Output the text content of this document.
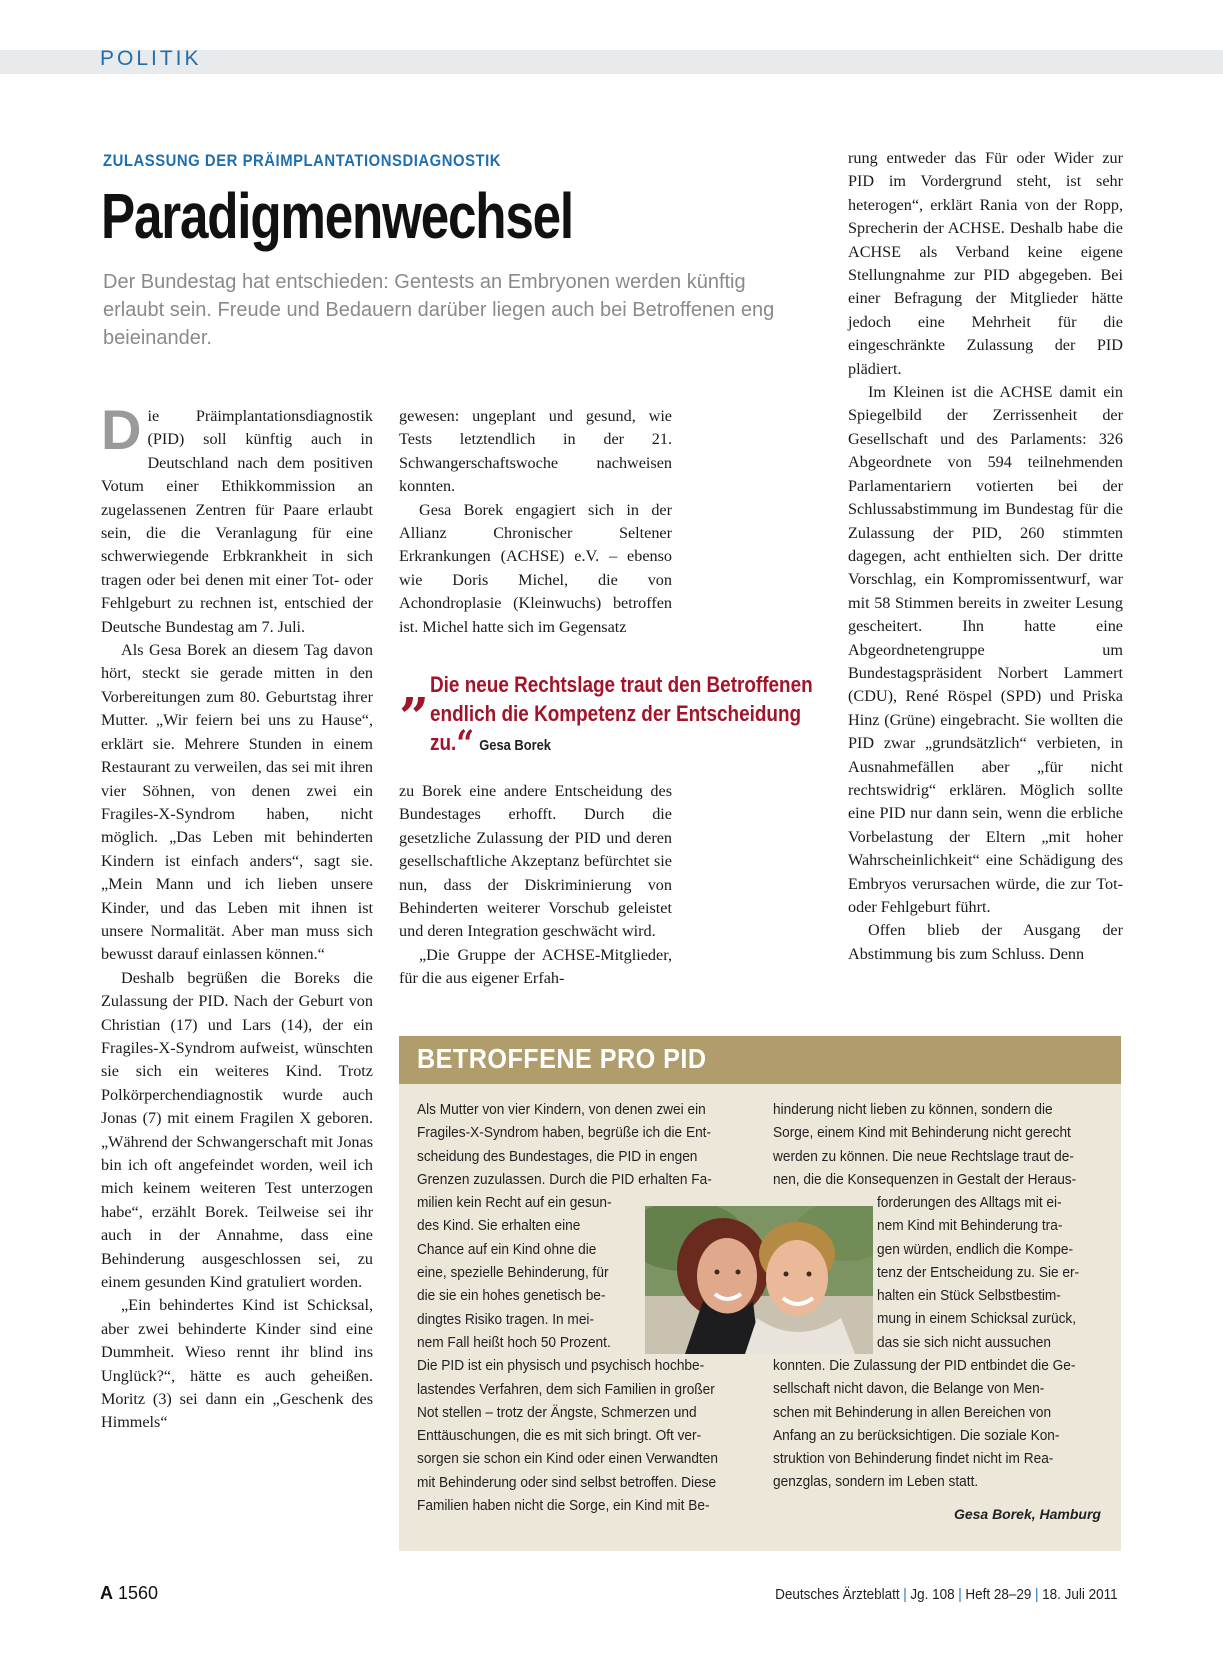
POLITIK
ZULASSUNG DER PRÄIMPLANTATIONSDIAGNOSTIK
Paradigmenwechsel
Der Bundestag hat entschieden: Gentests an Embryonen werden künftig erlaubt sein. Freude und Bedauern darüber liegen auch bei Betroffenen eng beieinander.

Die Präimplantationsdiagnostik (PID) soll künftig auch in Deutschland nach dem positiven Votum einer Ethikkommission an zugelassenen Zentren für Paare erlaubt sein, die die Veranlagung für eine schwerwiegende Erbkrankheit in sich tragen oder bei denen mit einer Tot- oder Fehlgeburt zu rechnen ist, entschied der Deutsche Bundestag am 7. Juli.

Als Gesa Borek an diesem Tag davon hört, steckt sie gerade mitten in den Vorbereitungen zum 80. Geburtstag ihrer Mutter. „Wir feiern bei uns zu Hause“, erklärt sie. Mehrere Stunden in einem Restaurant zu verweilen, das sei mit ihren vier Söhnen, von denen zwei ein Fragiles-X-Syndrom haben, nicht möglich. „Das Leben mit behinderten Kindern ist einfach anders“, sagt sie. „Mein Mann und ich lieben unsere Kinder, und das Leben mit ihnen ist unsere Normalität. Aber man muss sich bewusst darauf einlassen können.“

Deshalb begrüßen die Boreks die Zulassung der PID. Nach der Geburt von Christian (17) und Lars (14), der ein Fragiles-X-Syndrom aufweist, wünschten sie sich ein weiteres Kind. Trotz Polkörperchendiagnostik wurde auch Jonas (7) mit einem Fragilen X geboren. „Während der Schwangerschaft mit Jonas bin ich oft angefeindet worden, weil ich mich keinem weiteren Test unterzogen habe“, erzählt Borek. Teilweise sei ihr auch in der Annahme, dass eine Behinderung ausgeschlossen sei, zu einem gesunden Kind gratuliert worden.

„Ein behindertes Kind ist Schicksal, aber zwei behinderte Kinder sind eine Dummheit. Wieso rennt ihr blind ins Unglück?“, hätte es auch geheißen. Moritz (3) sei dann ein „Geschenk des Himmels“

gewesen: ungeplant und gesund, wie Tests letztendlich in der 21. Schwangerschaftswoche nachweisen konnten.

Gesa Borek engagiert sich in der Allianz Chronischer Seltener Erkrankungen (ACHSE) e.V. – ebenso wie Doris Michel, die von Achondroplasie (Kleinwuchs) betroffen ist. Michel hatte sich im Gegensatz

„ Die neue Rechtslage traut den Betroffenen endlich die Kompetenz der Entscheidung zu.“ Gesa Borek

zu Borek eine andere Entscheidung des Bundestages erhofft. Durch die gesetzliche Zulassung der PID und deren gesellschaftliche Akzeptanz befürchtet sie nun, dass der Diskriminierung von Behinderten weiterer Vorschub geleistet und deren Integration geschwächt wird.

„Die Gruppe der ACHSE-Mitglieder, für die aus eigener Erfah-

rung entweder das Für oder Wider zur PID im Vordergrund steht, ist sehr heterogen“, erklärt Rania von der Ropp, Sprecherin der ACHSE. Deshalb habe die ACHSE als Verband keine eigene Stellungnahme zur PID abgegeben. Bei einer Befragung der Mitglieder hätte jedoch eine Mehrheit für die eingeschränkte Zulassung der PID plädiert.

Im Kleinen ist die ACHSE damit ein Spiegelbild der Zerrissenheit der Gesellschaft und des Parlaments: 326 Abgeordnete von 594 teilnehmenden Parlamentariern votierten bei der Schlussabstimmung im Bundestag für die Zulassung der PID, 260 stimmten dagegen, acht enthielten sich. Der dritte Vorschlag, ein Kompromissentwurf, war mit 58 Stimmen bereits in zweiter Lesung gescheitert. Ihn hatte eine Abgeordnetengruppe um Bundestagspräsident Norbert Lammert (CDU), René Röspel (SPD) und Priska Hinz (Grüne) eingebracht. Sie wollten die PID zwar „grundsätzlich“ verbieten, in Ausnahmefällen aber „für nicht rechtswidrig“ erklären. Möglich sollte eine PID nur dann sein, wenn die erbliche Vorbelastung der Eltern „mit hoher Wahrscheinlichkeit“ eine Schädigung des Embryos verursachen würde, die zur Tot- oder Fehlgeburt führt.

Offen blieb der Ausgang der Abstimmung bis zum Schluss. Denn

BETROFFENE PRO PID
Als Mutter von vier Kindern, von denen zwei ein
Fragiles-X-Syndrom haben, begrüße ich die Ent-
scheidung des Bundestages, die PID in engen
Grenzen zuzulassen. Durch die PID erhalten Fa-
milien kein Recht auf ein gesun-
des Kind. Sie erhalten eine
Chance auf ein Kind ohne die
eine, spezielle Behinderung, für
die sie ein hohes genetisch be-
dingtes Risiko tragen. In mei-
nem Fall heißt hoch 50 Prozent.
Die PID ist ein physisch und psychisch hochbe-
lastendes Verfahren, dem sich Familien in großer
Not stellen – trotz der Ängste, Schmerzen und
Enttäuschungen, die es mit sich bringt. Oft ver-
sorgen sie schon ein Kind oder einen Verwandten
mit Behinderung oder sind selbst betroffen. Diese
Familien haben nicht die Sorge, ein Kind mit Be-
hinderung nicht lieben zu können, sondern die
Sorge, einem Kind mit Behinderung nicht gerecht
werden zu können. Die neue Rechtslage traut de-
nen, die die Konsequenzen in Gestalt der Heraus-
forderungen des Alltags mit ei-
nem Kind mit Behinderung tra-
gen würden, endlich die Kompe-
tenz der Entscheidung zu. Sie er-
halten ein Stück Selbstbestim-
mung in einem Schicksal zurück,
das sie sich nicht aussuchen
konnten. Die Zulassung der PID entbindet die Ge-
sellschaft nicht davon, die Belange von Men-
schen mit Behinderung in allen Bereichen von
Anfang an zu berücksichtigen. Die soziale Kon-
struktion von Behinderung findet nicht im Rea-
genzglas, sondern im Leben statt.
Gesa Borek, Hamburg
A 1560	Deutsches Ärzteblatt | Jg. 108 | Heft 28–29 | 18. Juli 2011
